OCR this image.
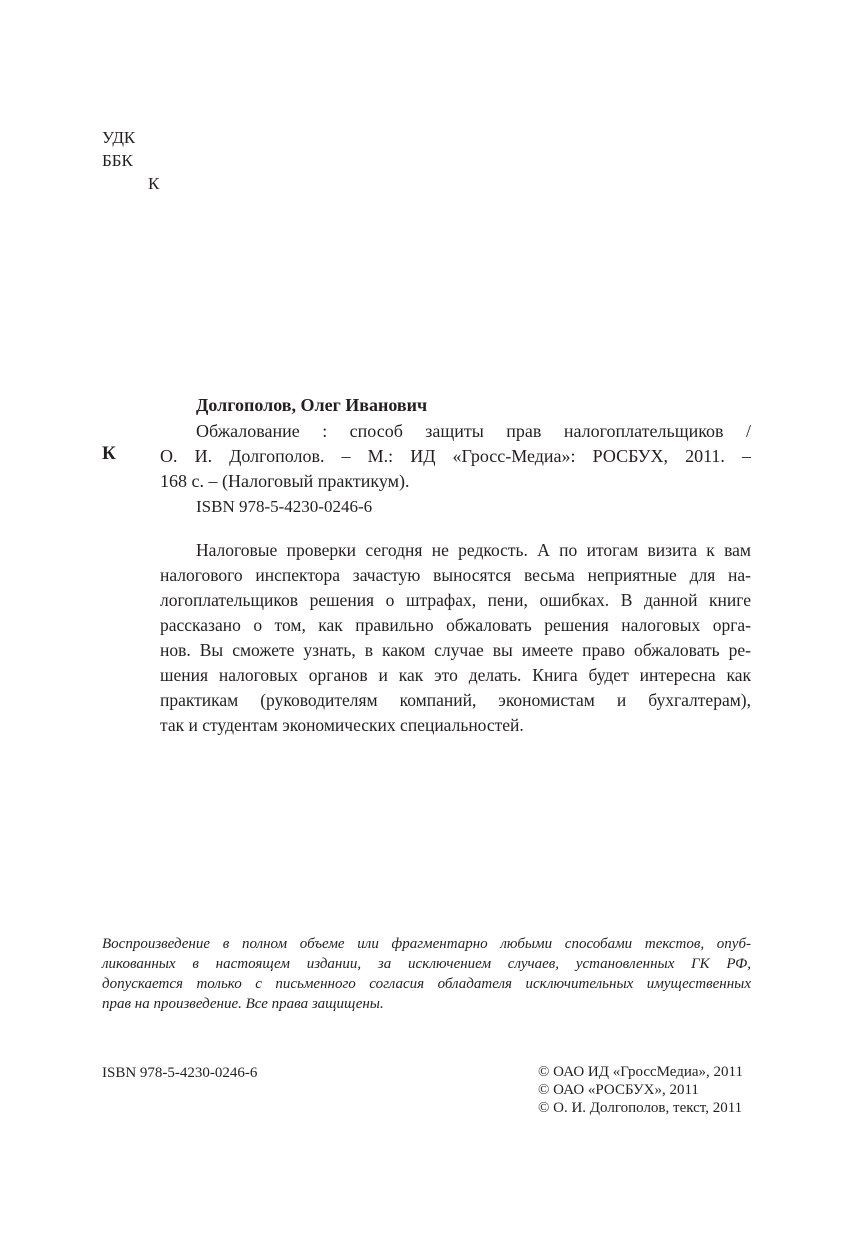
УДК
ББК
К
Долгополов, Олег Иванович
К
Обжалование : способ защиты прав налогоплательщиков /
О. И. Долгополов. – М.: ИД «Гросс-Медиа»: РОСБУХ, 2011. –
168 с. – (Налоговый практикум).
ISBN 978-5-4230-0246-6
Налоговые проверки сегодня не редкость. А по итогам визита к вам
налогового инспектора зачастую выносятся весьма неприятные для на-
логоплательщиков решения о штрафах, пени, ошибках. В данной книге
рассказано о том, как правильно обжаловать решения налоговых орга-
нов. Вы сможете узнать, в каком случае вы имеете право обжаловать ре-
шения налоговых органов и как это делать. Книга будет интересна как
практикам (руководителям компаний, экономистам и бухгалтерам),
так и студентам экономических специальностей.
Воспроизведение в полном объеме или фрагментарно любыми способами текстов, опуб-
ликованных в настоящем издании, за исключением случаев, установленных ГК РФ,
допускается только с письменного согласия обладателя исключительных имущественных
прав на произведение. Все права защищены.
ISBN 978-5-4230-0246-6	© ОАО ИД «ГроссМедиа», 2011
© ОАО «РОСБУХ», 2011
© О. И. Долгополов, текст, 2011
